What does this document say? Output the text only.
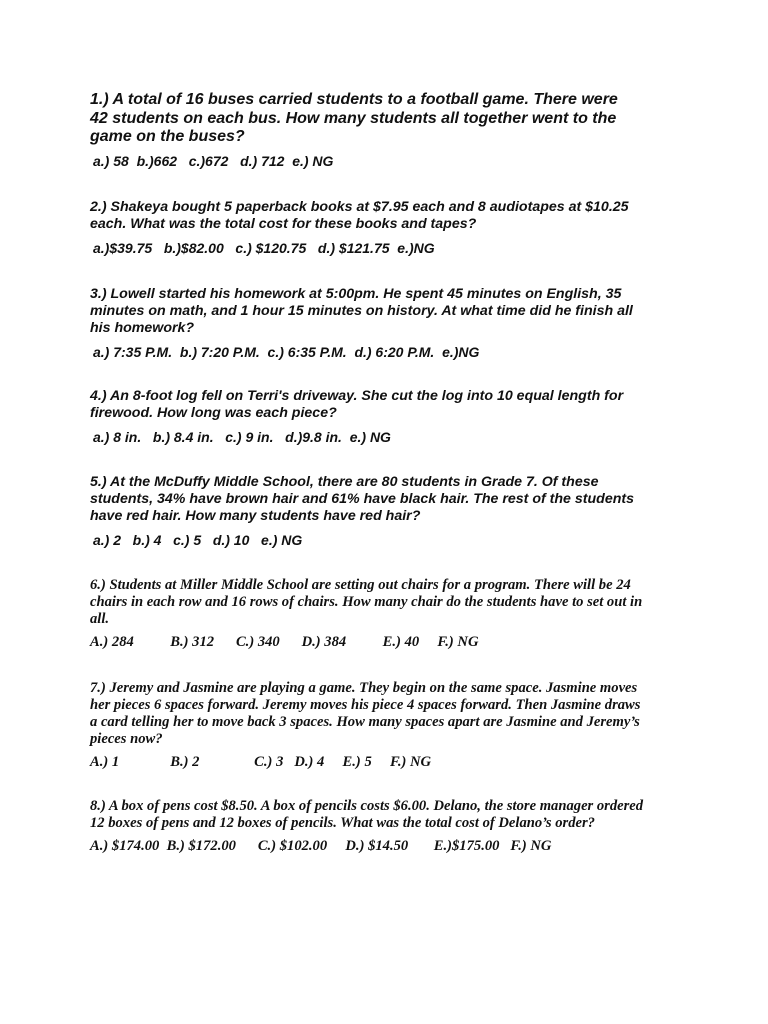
1.) A total of 16 buses carried students to a football game. There were
42 students on each bus. How many students all together went to the
game on the buses?

a.) 58  b.)662   c.)672   d.) 712  e.) NG

2.) Shakeya bought 5 paperback books at $7.95 each and 8 audiotapes at $10.25
each. What was the total cost for these books and tapes?

a.)$39.75   b.)$82.00   c.) $120.75   d.) $121.75  e.)NG

3.) Lowell started his homework at 5:00pm. He spent 45 minutes on English, 35
minutes on math, and 1 hour 15 minutes on history. At what time did he finish all
his homework?

a.) 7:35 P.M.  b.) 7:20 P.M.  c.) 6:35 P.M.  d.) 6:20 P.M.  e.)NG

4.) An 8-foot log fell on Terri's driveway. She cut the log into 10 equal length for
firewood. How long was each piece?

a.) 8 in.   b.) 8.4 in.   c.) 9 in.   d.)9.8 in.  e.) NG

5.) At the McDuffy Middle School, there are 80 students in Grade 7. Of these
students, 34% have brown hair and 61% have black hair. The rest of the students
have red hair. How many students have red hair?

a.) 2   b.) 4   c.) 5   d.) 10   e.) NG

6.) Students at Miller Middle School are setting out chairs for a program. There will be 24
chairs in each row and 16 rows of chairs. How many chair do the students have to set out in
all.

A.) 284          B.) 312      C.) 340      D.) 384          E.) 40     F.) NG

7.) Jeremy and Jasmine are playing a game. They begin on the same space. Jasmine moves
her pieces 6 spaces forward. Jeremy moves his piece 4 spaces forward. Then Jasmine draws
a card telling her to move back 3 spaces. How many spaces apart are Jasmine and Jeremy’s
pieces now?

A.) 1              B.) 2               C.) 3   D.) 4     E.) 5     F.) NG

8.) A box of pens cost $8.50. A box of pencils costs $6.00. Delano, the store manager ordered
12 boxes of pens and 12 boxes of pencils. What was the total cost of Delano’s order?

A.) $174.00  B.) $172.00      C.) $102.00     D.) $14.50       E.)$175.00   F.) NG
